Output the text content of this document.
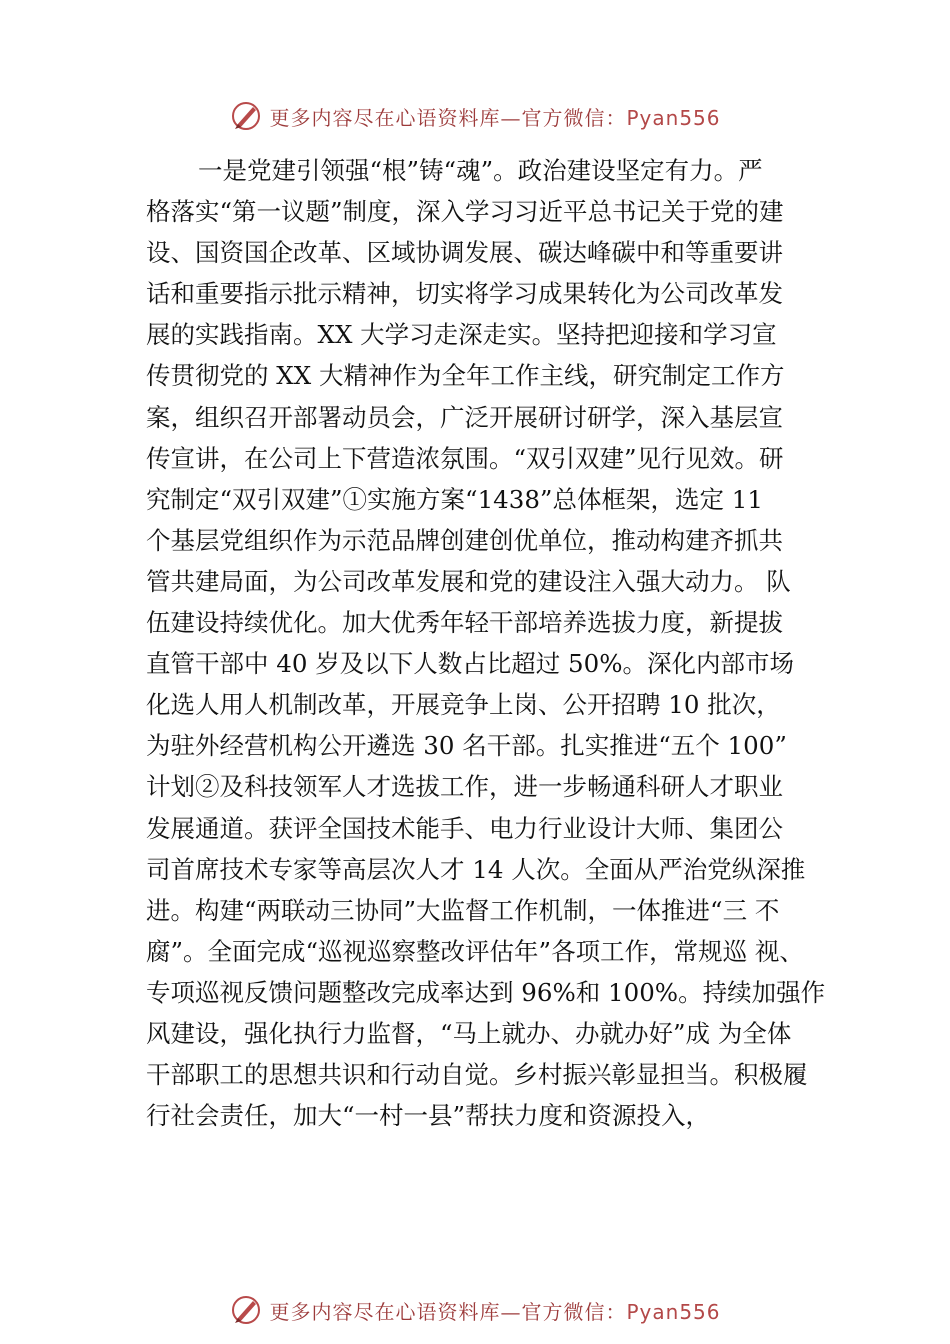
更多内容尽在心语资料库—官方微信：Pyan556
一是党建引领强“根”铸“魂”。政治建设坚定有力。严
格落实“第一议题”制度，深入学习习近平总书记关于党的建
设、国资国企改革、区域协调发展、碳达峰碳中和等重要讲
话和重要指示批示精神，切实将学习成果转化为公司改革发
展的实践指南。XX 大学习走深走实。坚持把迎接和学习宣
传贯彻党的 XX 大精神作为全年工作主线，研究制定工作方
案，组织召开部署动员会，广泛开展研讨研学，深入基层宣
传宣讲，在公司上下营造浓氛围。“双引双建”见行见效。研
究制定“双引双建”①实施方案“1438”总体框架，选定 11
个基层党组织作为示范品牌创建创优单位，推动构建齐抓共
管共建局面，为公司改革发展和党的建设注入强大动力。 队
伍建设持续优化。加大优秀年轻干部培养选拔力度，新提拔
直管干部中 40 岁及以下人数占比超过 50%。深化内部市场
化选人用人机制改革，开展竞争上岗、公开招聘 10 批次，
为驻外经营机构公开遴选 30 名干部。扎实推进“五个 100”
计划②及科技领军人才选拔工作，进一步畅通科研人才职业
发展通道。获评全国技术能手、电力行业设计大师、集团公
司首席技术专家等高层次人才 14 人次。全面从严治党纵深推
进。构建“两联动三协同”大监督工作机制，一体推进“三 不
腐”。全面完成“巡视巡察整改评估年”各项工作，常规巡 视、
专项巡视反馈问题整改完成率达到 96%和 100%。持续加强作
风建设，强化执行力监督，“马上就办、办就办好”成 为全体
干部职工的思想共识和行动自觉。乡村振兴彰显担当。积极履
行社会责任，加大“一村一县”帮扶力度和资源投入，
更多内容尽在心语资料库—官方微信：Pyan556
